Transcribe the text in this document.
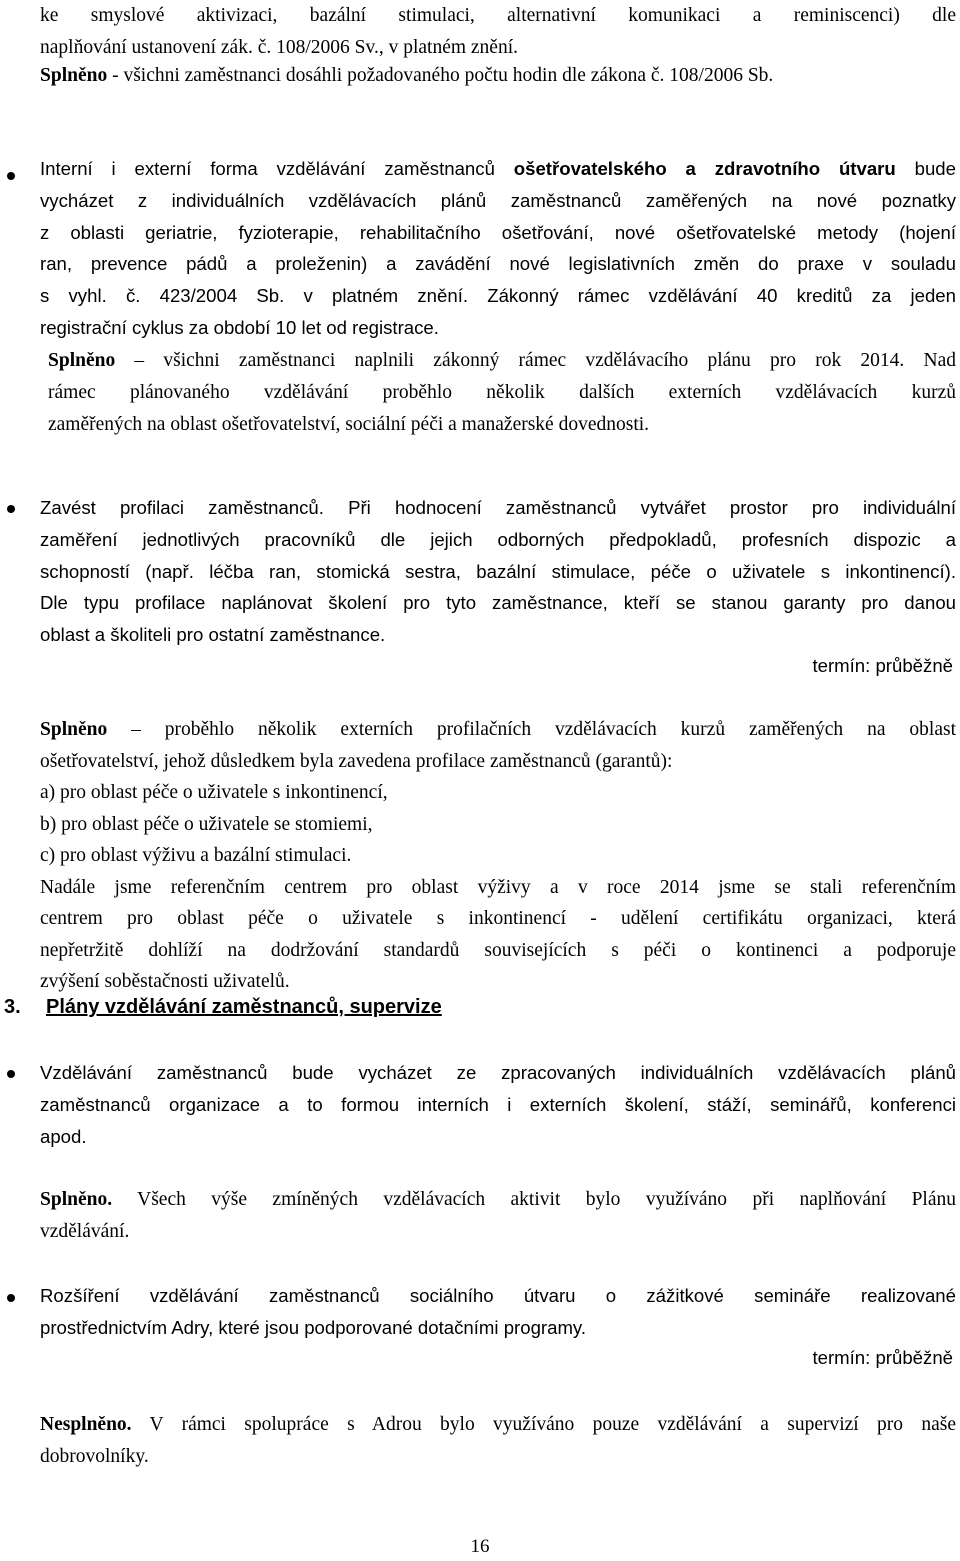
ke smyslové aktivizaci, bazální stimulaci, alternativní komunikaci a reminiscenci) dle
naplňování ustanovení zák. č. 108/2006 Sv., v platném znění.
Splněno - všichni zaměstnanci dosáhli požadovaného počtu hodin dle zákona č. 108/2006 Sb.
Interní i externí forma vzdělávání zaměstnanců ošetřovatelského a zdravotního útvaru bude
vycházet z individuálních vzdělávacích plánů zaměstnanců zaměřených na nové poznatky
z oblasti geriatrie, fyzioterapie, rehabilitačního ošetřování, nové ošetřovatelské metody (hojení
ran, prevence pádů a proleženin) a zavádění nové legislativních změn do praxe v souladu
s vyhl. č. 423/2004 Sb. v platném znění. Zákonný rámec vzdělávání 40 kreditů za jeden
registrační cyklus za období 10 let od registrace.
Splněno – všichni zaměstnanci naplnili zákonný rámec vzdělávacího plánu pro rok 2014. Nad
rámec plánovaného vzdělávání proběhlo několik dalších externích vzdělávacích kurzů
zaměřených na oblast ošetřovatelství, sociální péči a manažerské dovednosti.
Zavést profilaci zaměstnanců. Při hodnocení zaměstnanců vytvářet prostor pro individuální
zaměření jednotlivých pracovníků dle jejich odborných předpokladů, profesních dispozic a
schopností (např. léčba ran, stomická sestra, bazální stimulace, péče o uživatele s inkontinencí).
Dle typu profilace naplánovat školení pro tyto zaměstnance, kteří se stanou garanty pro danou
oblast a školiteli pro ostatní zaměstnance.
termín: průběžně
Splněno – proběhlo několik externích profilačních vzdělávacích kurzů zaměřených na oblast
ošetřovatelství, jehož důsledkem byla zavedena profilace zaměstnanců (garantů):
a) pro oblast péče o uživatele s inkontinencí,
b) pro oblast péče o uživatele se stomiemi,
c) pro oblast výživu a bazální stimulaci.
Nadále jsme referenčním centrem pro oblast výživy a v roce 2014 jsme se stali referenčním
centrem pro oblast péče o uživatele s inkontinencí - udělení certifikátu organizaci, která
nepřetržitě dohlíží na dodržování standardů souvisejících s péči o kontinenci a podporuje
zvýšení soběstačnosti uživatelů.
3. Plány vzdělávání zaměstnanců, supervize
Vzdělávání zaměstnanců bude vycházet ze zpracovaných individuálních vzdělávacích plánů
zaměstnanců organizace a to formou interních i externích školení, stáží, seminářů, konferenci
apod.
Splněno. Všech výše zmíněných vzdělávacích aktivit bylo využíváno při naplňování Plánu
vzdělávání.
Rozšíření vzdělávání zaměstnanců sociálního útvaru o zážitkové semináře realizované
prostřednictvím Adry, které jsou podporované dotačními programy.
termín: průběžně
Nesplněno. V rámci spolupráce s Adrou bylo využíváno pouze vzdělávání a supervizí pro naše
dobrovolníky.
16
